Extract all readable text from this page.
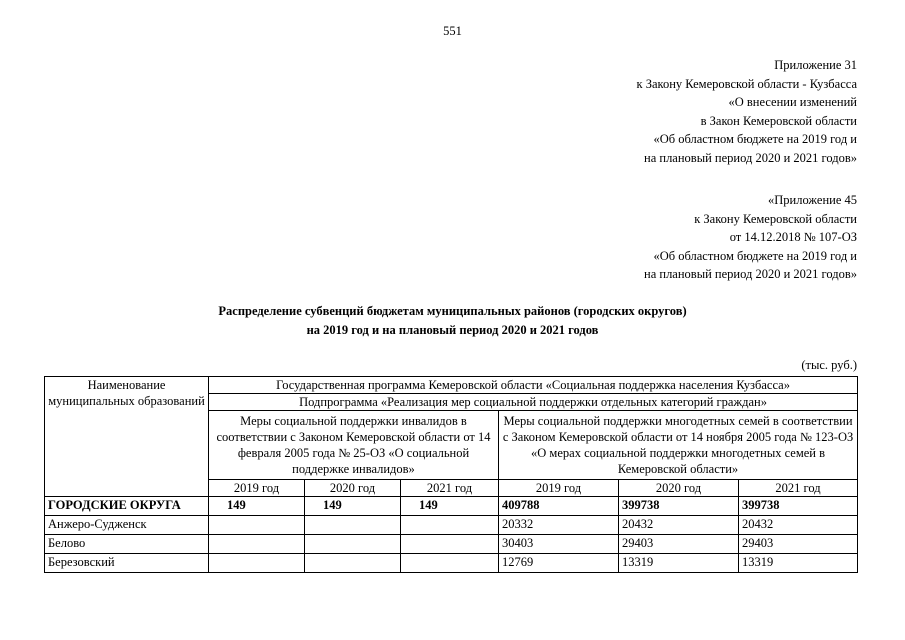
551
Приложение 31
к Закону Кемеровской области - Кузбасса
«О внесении изменений
в Закон Кемеровской области
«Об областном бюджете на 2019 год и
на плановый период 2020 и 2021 годов»
«Приложение 45
к Закону Кемеровской области
от 14.12.2018 № 107-ОЗ
«Об областном бюджете на 2019 год и
на плановый период 2020 и 2021 годов»
Распределение субвенций бюджетам муниципальных районов (городских округов)
на 2019 год и на плановый период 2020 и 2021 годов
(тыс. руб.)
Наименование муниципальных образований	Государственная программа Кемеровской области «Социальная поддержка населения Кузбасса»					
	Подпрограмма «Реализация мер социальной поддержки отдельных категорий граждан»					
	Меры социальной поддержки инвалидов в соответствии с Законом Кемеровской области от 14 февраля 2005 года № 25-ОЗ «О социальной поддержке инвалидов»			Меры социальной поддержки многодетных семей в соответствии с Законом Кемеровской области от 14 ноября 2005 года № 123-ОЗ «О мерах социальной поддержки многодетных семей в Кемеровской области»		
	2019 год	2020 год	2021 год	2019 год	2020 год	2021 год
ГОРОДСКИЕ ОКРУГА	149	149	149	409788	399738	399738
Анжеро-Судженск				20332	20432	20432
Белово				30403	29403	29403
Березовский				12769	13319	13319
